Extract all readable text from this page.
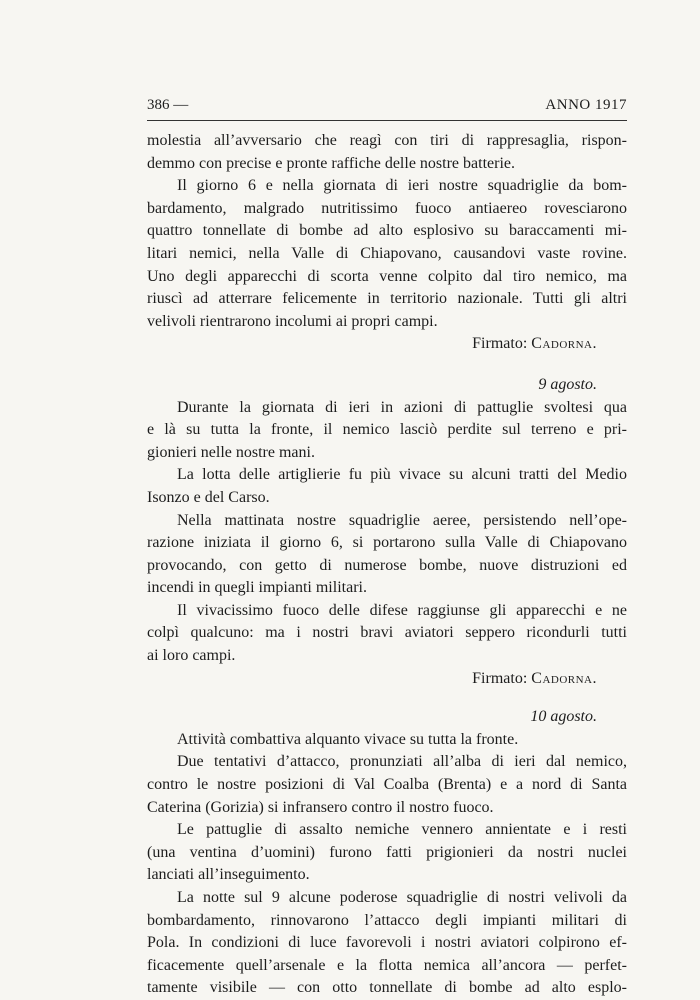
386 —	ANNO 1917
molestia all’avversario che reagì con tiri di rappresaglia, rispon-
demmo con precise e pronte raffiche delle nostre batterie.
Il giorno 6 e nella giornata di ieri nostre squadriglie da bom-
bardamento, malgrado nutritissimo fuoco antiaereo rovesciarono
quattro tonnellate di bombe ad alto esplosivo su baraccamenti mi-
litari nemici, nella Valle di Chiapovano, causandovi vaste rovine.
Uno degli apparecchi di scorta venne colpito dal tiro nemico, ma
riuscì ad atterrare felicemente in territorio nazionale. Tutti gli altri
velivoli rientrarono incolumi ai propri campi.
Firmato: Cadorna.
9 agosto.
Durante la giornata di ieri in azioni di pattuglie svoltesi qua
e là su tutta la fronte, il nemico lasciò perdite sul terreno e pri-
gionieri nelle nostre mani.
La lotta delle artiglierie fu più vivace su alcuni tratti del Medio
Isonzo e del Carso.
Nella mattinata nostre squadriglie aeree, persistendo nell’ope-
razione iniziata il giorno 6, si portarono sulla Valle di Chiapovano
provocando, con getto di numerose bombe, nuove distruzioni ed
incendi in quegli impianti militari.
Il vivacissimo fuoco delle difese raggiunse gli apparecchi e ne
colpì qualcuno: ma i nostri bravi aviatori seppero ricondurli tutti
ai loro campi.
Firmato: Cadorna.
10 agosto.
Attività combattiva alquanto vivace su tutta la fronte.
Due tentativi d’attacco, pronunziati all’alba di ieri dal nemico,
contro le nostre posizioni di Val Coalba (Brenta) e a nord di Santa
Caterina (Gorizia) si infransero contro il nostro fuoco.
Le pattuglie di assalto nemiche vennero annientate e i resti
(una ventina d’uomini) furono fatti prigionieri da nostri nuclei
lanciati all’inseguimento.
La notte sul 9 alcune poderose squadriglie di nostri velivoli da
bombardamento, rinnovarono l’attacco degli impianti militari di
Pola. In condizioni di luce favorevoli i nostri aviatori colpirono ef-
ficacemente quell’arsenale e la flotta nemica all’ancora — perfet-
tamente visibile — con otto tonnellate di bombe ad alto esplo-
